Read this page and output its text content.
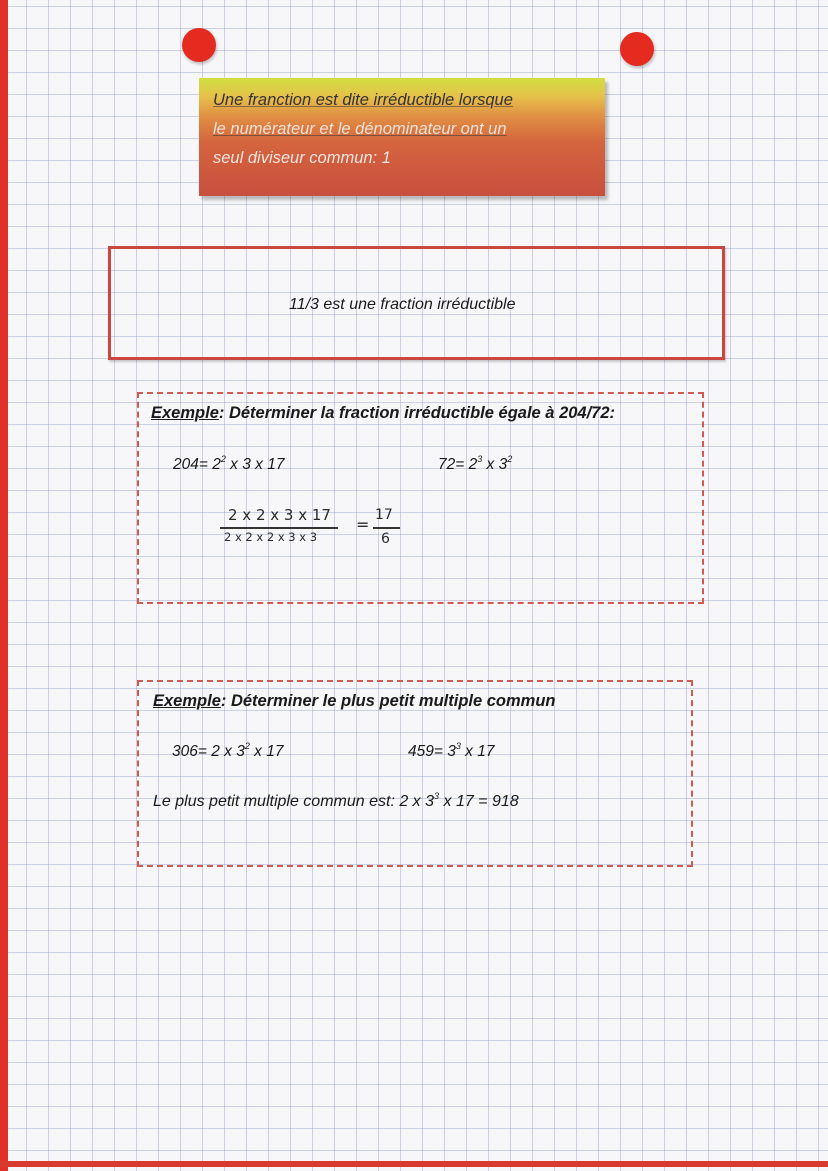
Une franction est dite irréductible lorsque
le numérateur et le dénominateur ont un
seul diviseur commun: 1
11/3 est une fraction irréductible
Exemple: Déterminer la fraction irréductible égale à 204/72:
$204= 2^2$ x 3 x 17	$72= 2^3$ x $3^2$
2 x 2 x 3 x 17
2 x 2 x 2 x 3 x 3
= 17
6
Exemple: Déterminer le plus petit multiple commun
306= 2 x $3^2$ x 17	$459= 3^3$ x 17
Le plus petit multiple commun est: 2 x $3^3$ x 17 = 918
